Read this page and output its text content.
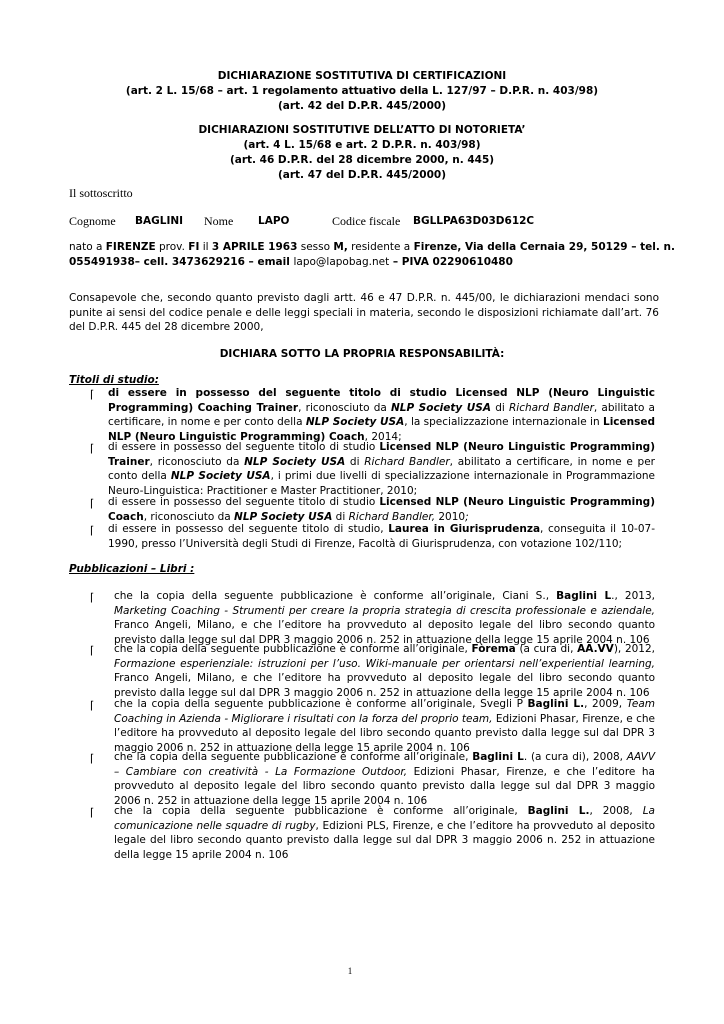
DICHIARAZIONE SOSTITUTIVA DI CERTIFICAZIONI
(art. 2 L. 15/68 – art. 1 regolamento attuativo della L. 127/97 – D.P.R. n. 403/98)
(art. 42 del D.P.R. 445/2000)
DICHIARAZIONI SOSTITUTIVE DELL’ATTO DI NOTORIETA’
(art. 4 L. 15/68 e art. 2 D.P.R. n. 403/98)
(art. 46 D.P.R. del 28 dicembre 2000, n. 445)
(art. 47 del D.P.R. 445/2000)
Il sottoscritto
Cognome BAGLINI Nome LAPO	Codice fiscale BGLLPA63D03D612C
nato a FIRENZE prov. FI il 3 APRILE 1963 sesso M, residente a Firenze, Via della Cernaia 29, 50129 – tel. n.
055491938– cell. 3473629216 – email lapo@lapobag.net – PIVA 02290610480
Consapevole che, secondo quanto previsto dagli artt. 46 e 47 D.P.R. n. 445/00, le dichiarazioni mendaci sono punite ai sensi del codice penale e delle leggi speciali in materia, secondo le disposizioni richiamate dall’art. 76 del D.P.R. 445 del 28 dicembre 2000,
DICHIARA SOTTO LA PROPRIA RESPONSABILITÀ:
Titoli di studio:
⌈ di essere in possesso del seguente titolo di studio Licensed NLP (Neuro Linguistic Programming) Coaching Trainer, riconosciuto da NLP Society USA di Richard Bandler, abilitato a certificare, in nome e per conto della NLP Society USA, la specializzazione internazionale in Licensed NLP (Neuro Linguistic Programming) Coach, 2014;
⌈ di essere in possesso del seguente titolo di studio Licensed NLP (Neuro Linguistic Programming) Trainer, riconosciuto da NLP Society USA di Richard Bandler, abilitato a certificare, in nome e per conto della NLP Society USA, i primi due livelli di specializzazione internazionale in Programmazione Neuro-Linguistica: Practitioner e Master Practitioner, 2010;
⌈ di essere in possesso del seguente titolo di studio Licensed NLP (Neuro Linguistic Programming) Coach, riconosciuto da NLP Society USA di Richard Bandler, 2010;
⌈ di essere in possesso del seguente titolo di studio, Laurea in Giurisprudenza, conseguita il 10-07-1990, presso l’Università degli Studi di Firenze, Facoltà di Giurisprudenza, con votazione 102/110;
Pubblicazioni – Libri :
⌈ che la copia della seguente pubblicazione è conforme all’originale, Ciani S., Baglini L., 2013, Marketing Coaching - Strumenti per creare la propria strategia di crescita professionale e aziendale, Franco Angeli, Milano, e che l’editore ha provveduto al deposito legale del libro secondo quanto previsto dalla legge sul dal DPR 3 maggio 2006 n. 252 in attuazione della legge 15 aprile 2004 n. 106
⌈ che la copia della seguente pubblicazione è conforme all’originale, Fòrema (a cura di, AA.VV), 2012, Formazione esperienziale: istruzioni per l’uso. Wiki-manuale per orientarsi nell’experiential learning, Franco Angeli, Milano, e che l’editore ha provveduto al deposito legale del libro secondo quanto previsto dalla legge sul dal DPR 3 maggio 2006 n. 252 in attuazione della legge 15 aprile 2004 n. 106
⌈ che la copia della seguente pubblicazione è conforme all’originale, Svegli P Baglini L., 2009, Team Coaching in Azienda - Migliorare i risultati con la forza del proprio team, Edizioni Phasar, Firenze, e che l’editore ha provveduto al deposito legale del libro secondo quanto previsto dalla legge sul dal DPR 3 maggio 2006 n. 252 in attuazione della legge 15 aprile 2004 n. 106
⌈ che la copia della seguente pubblicazione è conforme all’originale, Baglini L. (a cura di), 2008, AAVV – Cambiare con creatività - La Formazione Outdoor, Edizioni Phasar, Firenze, e che l’editore ha provveduto al deposito legale del libro secondo quanto previsto dalla legge sul dal DPR 3 maggio 2006 n. 252 in attuazione della legge 15 aprile 2004 n. 106
⌈ che la copia della seguente pubblicazione è conforme all’originale, Baglini L., 2008, La comunicazione nelle squadre di rugby, Edizioni PLS, Firenze, e che l’editore ha provveduto al deposito legale del libro secondo quanto previsto dalla legge sul dal DPR 3 maggio 2006 n. 252 in attuazione della legge 15 aprile 2004 n. 106
1
